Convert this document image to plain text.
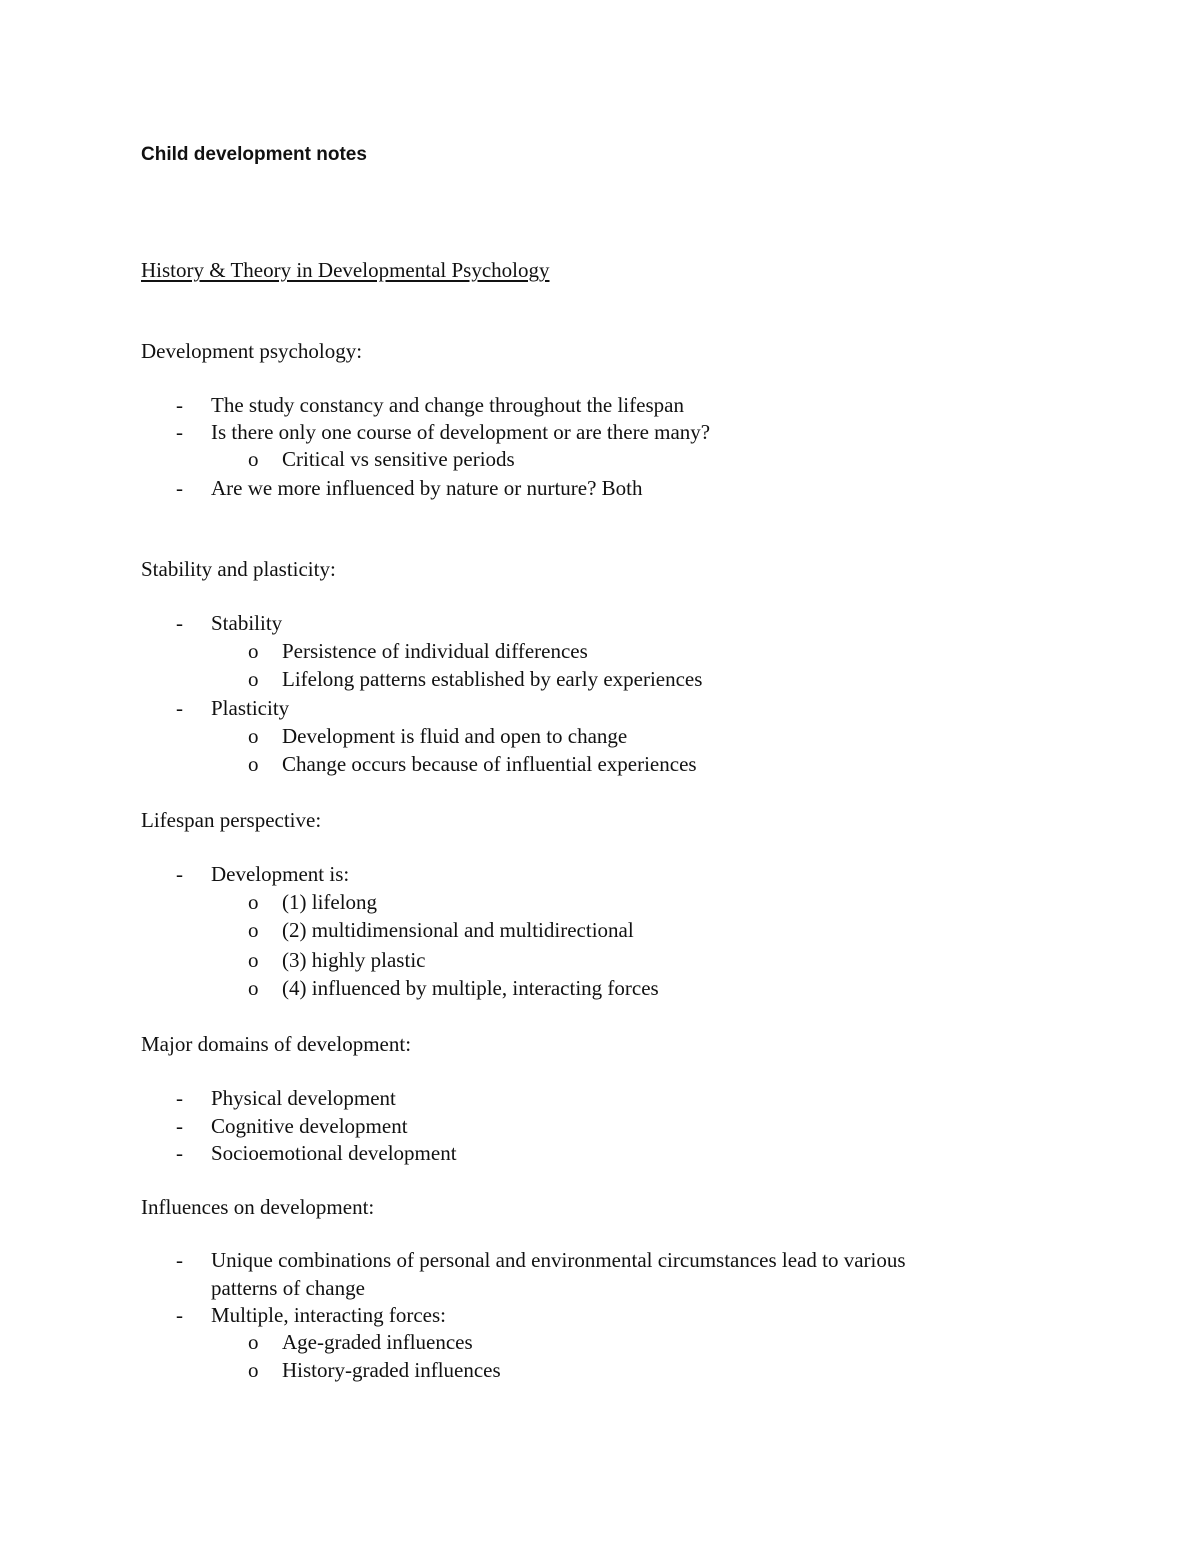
Child development notes
History & Theory in Developmental Psychology
Development psychology:
- The study constancy and change throughout the lifespan
- Is there only one course of development or are there many?
o Critical vs sensitive periods
- Are we more influenced by nature or nurture? Both
Stability and plasticity:
- Stability
o Persistence of individual differences
o Lifelong patterns established by early experiences
- Plasticity
o Development is fluid and open to change
o Change occurs because of influential experiences
Lifespan perspective:
- Development is:
o (1) lifelong
o (2) multidimensional and multidirectional
o (3) highly plastic
o (4) influenced by multiple, interacting forces
Major domains of development:
- Physical development
- Cognitive development
- Socioemotional development
Influences on development:
- Unique combinations of personal and environmental circumstances lead to various
patterns of change
- Multiple, interacting forces:
o Age-graded influences
o History-graded influences
